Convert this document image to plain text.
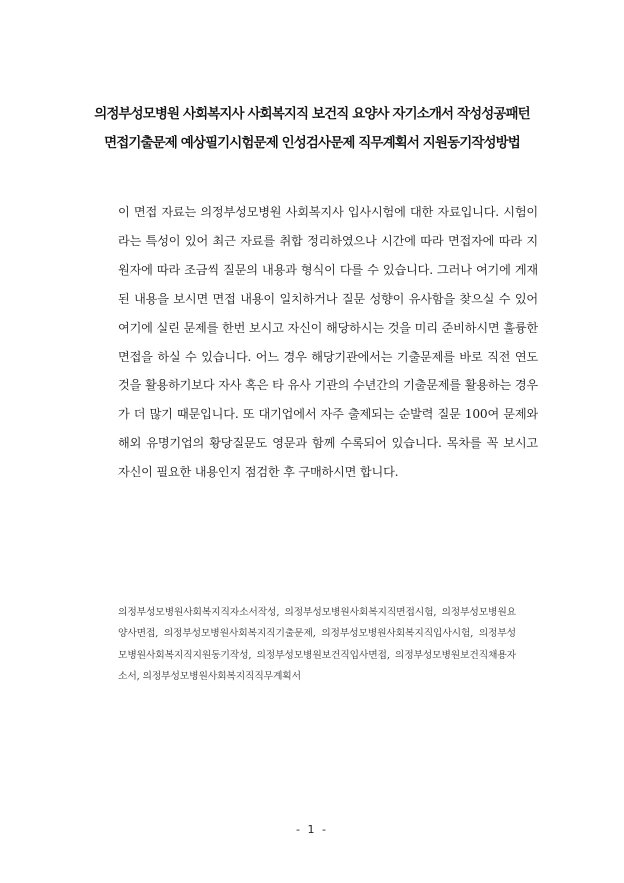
의정부성모병원 사회복지사 사회복지직 보건직 요양사 자기소개서 작성성공패턴
면접기출문제 예상필기시험문제 인성검사문제 직무계획서 지원동기작성방법

이 면접 자료는 의정부성모병원 사회복지사 입사시험에 대한 자료입니다. 시험이라는 특성이 있어 최근 자료를 취합 정리하였으나 시간에 따라 면접자에 따라 지원자에 따라 조금씩 질문의 내용과 형식이 다를 수 있습니다. 그러나 여기에 게재된 내용을 보시면 면접 내용이 일치하거나 질문 성향이 유사함을 찾으실 수 있어 여기에 실린 문제를 한번 보시고 자신이 해당하시는 것을 미리 준비하시면 훌륭한 면접을 하실 수 있습니다. 어느 경우 해당기관에서는 기출문제를 바로 직전 연도 것을 활용하기보다 자사 혹은 타 유사 기관의 수년간의 기출문제를 활용하는 경우가 더 많기 때문입니다. 또 대기업에서 자주 출제되는 순발력 질문 100여 문제와 해외 유명기업의 황당질문도 영문과 함께 수록되어 있습니다. 목차를 꼭 보시고 자신이 필요한 내용인지 점검한 후 구매하시면 합니다.

의정부성모병원사회복지직자소서작성, 의정부성모병원사회복지직면접시험, 의정부성모병원요양사면접, 의정부성모병원사회복지직기출문제, 의정부성모병원사회복지직입사시험, 의정부성모병원사회복지직지원동기작성, 의정부성모병원보건직입사면접, 의정부성모병원보건직채용자소서, 의정부성모병원사회복지직직무계획서

- 1 -
